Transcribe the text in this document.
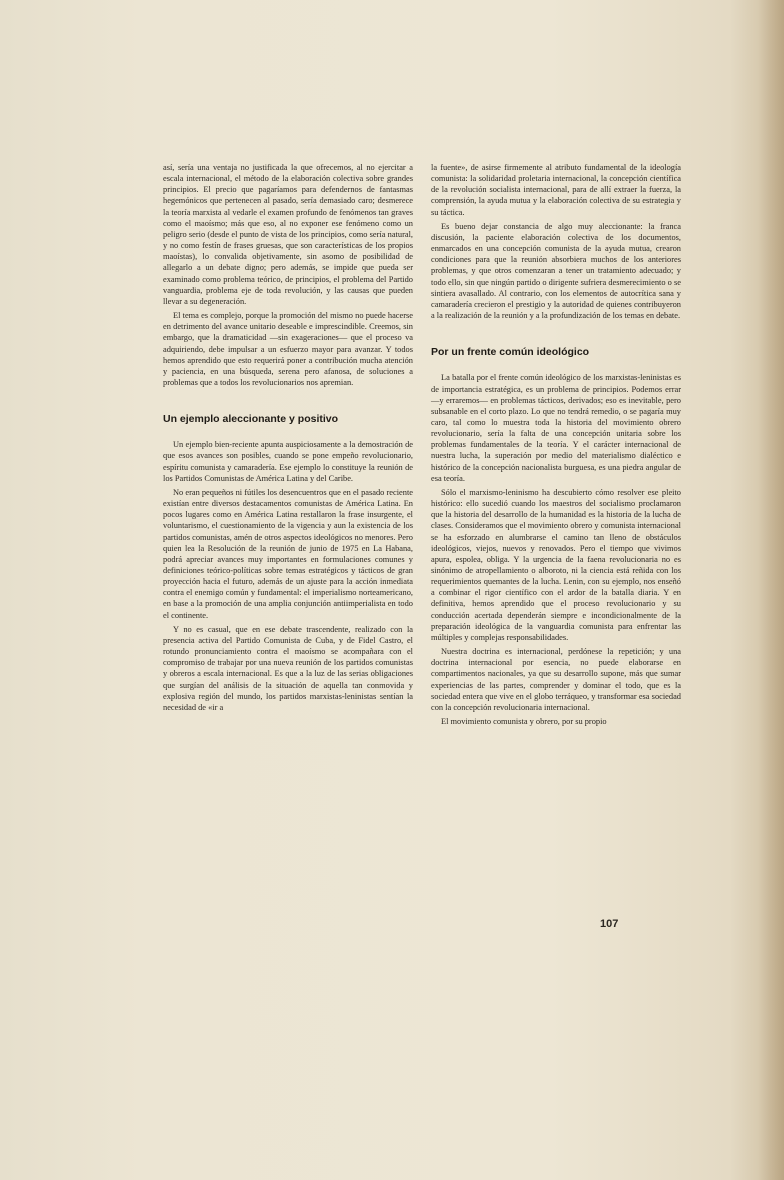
así, sería una ventaja no justificada la que ofrecemos, al no ejercitar a escala internacional, el método de la elaboración colectiva sobre grandes principios. El precio que pagaríamos para defendernos de fantasmas hegemónicos que pertenecen al pasado, sería demasiado caro; desmerece la teoría marxista al vedarle el examen profundo de fenómenos tan graves como el maoísmo; más que eso, al no exponer ese fenómeno como un peligro serio (desde el punto de vista de los principios, como sería natural, y no como festín de frases gruesas, que son características de los propios maoístas), lo convalida objetivamente, sin asomo de posibilidad de allegarlo a un debate digno; pero además, se impide que pueda ser examinado como problema teórico, de principios, el problema del Partido vanguardia, problema eje de toda revolución, y las causas que pueden llevar a su degeneración.

El tema es complejo, porque la promoción del mismo no puede hacerse en detrimento del avance unitario deseable e imprescindible. Creemos, sin embargo, que la dramaticidad —sin exageraciones— que el proceso va adquiriendo, debe impulsar a un esfuerzo mayor para avanzar. Y todos hemos aprendido que esto requerirá poner a contribución mucha atención y paciencia, en una búsqueda, serena pero afanosa, de soluciones a problemas que a todos los revolucionarios nos apremian.

Un ejemplo aleccionante y positivo

Un ejemplo bien-reciente apunta auspiciosamente a la demostración de que esos avances son posibles, cuando se pone empeño revolucionario, espíritu comunista y camaradería. Ese ejemplo lo constituye la reunión de los Partidos Comunistas de América Latina y del Caribe.

No eran pequeños ni fútiles los desencuentros que en el pasado reciente existían entre diversos destacamentos comunistas de América Latina. En pocos lugares como en América Latina restallaron la frase insurgente, el voluntarismo, el cuestionamiento de la vigencia y aun la existencia de los partidos comunistas, amén de otros aspectos ideológicos no menores. Pero quien lea la Resolución de la reunión de junio de 1975 en La Habana, podrá apreciar avances muy importantes en formulaciones comunes y definiciones teórico-políticas sobre temas estratégicos y tácticos de gran proyección hacia el futuro, además de un ajuste para la acción inmediata contra el enemigo común y fundamental: el imperialismo norteamericano, en base a la promoción de una amplia conjunción antiimperialista en todo el continente.

Y no es casual, que en ese debate trascendente, realizado con la presencia activa del Partido Comunista de Cuba, y de Fidel Castro, el rotundo pronunciamiento contra el maoísmo se acompañara con el compromiso de trabajar por una nueva reunión de los partidos comunistas y obreros a escala internacional. Es que a la luz de las serias obligaciones que surgían del análisis de la situación de aquella tan conmovida y explosiva región del mundo, los partidos marxistas-leninistas sentían la necesidad de «ir a

la fuente», de asirse firmemente al atributo fundamental de la ideología comunista: la solidaridad proletaria internacional, la concepción científica de la revolución socialista internacional, para de allí extraer la fuerza, la comprensión, la ayuda mutua y la elaboración colectiva de su estrategia y su táctica.

Es bueno dejar constancia de algo muy aleccionante: la franca discusión, la paciente elaboración colectiva de los documentos, enmarcados en una concepción comunista de la ayuda mutua, crearon condiciones para que la reunión absorbiera muchos de los anteriores problemas, y que otros comenzaran a tener un tratamiento adecuado; y todo ello, sin que ningún partido o dirigente sufriera desmerecimiento o se sintiera avasallado. Al contrario, con los elementos de autocrítica sana y camaradería crecieron el prestigio y la autoridad de quienes contribuyeron a la realización de la reunión y a la profundización de los temas en debate.

Por un frente común ideológico

La batalla por el frente común ideológico de los marxistas-leninistas es de importancia estratégica, es un problema de principios. Podemos errar —y erraremos— en problemas tácticos, derivados; eso es inevitable, pero subsanable en el corto plazo. Lo que no tendrá remedio, o se pagaría muy caro, tal como lo muestra toda la historia del movimiento obrero revolucionario, sería la falta de una concepción unitaria sobre los problemas fundamentales de la teoría. Y el carácter internacional de nuestra lucha, la superación por medio del materialismo dialéctico e histórico de la concepción nacionalista burguesa, es una piedra angular de esa teoría.

Sólo el marxismo-leninismo ha descubierto cómo resolver ese pleito histórico: ello sucedió cuando los maestros del socialismo proclamaron que la historia del desarrollo de la humanidad es la historia de la lucha de clases. Consideramos que el movimiento obrero y comunista internacional se ha esforzado en alumbrarse el camino tan lleno de obstáculos ideológicos, viejos, nuevos y renovados. Pero el tiempo que vivimos apura, espolea, obliga. Y la urgencia de la faena revolucionaria no es sinónimo de atropellamiento o alboroto, ni la ciencia está reñida con los requerimientos quemantes de la lucha. Lenin, con su ejemplo, nos enseñó a combinar el rigor científico con el ardor de la batalla diaria. Y en definitiva, hemos aprendido que el proceso revolucionario y su conducción acertada dependerán siempre e incondicionalmente de la preparación ideológica de la vanguardia comunista para enfrentar las múltiples y complejas responsabilidades.

Nuestra doctrina es internacional, perdónese la repetición; y una doctrina internacional por esencia, no puede elaborarse en compartimentos nacionales, ya que su desarrollo supone, más que sumar experiencias de las partes, comprender y dominar el todo, que es la sociedad entera que vive en el globo terráqueo, y transformar esa sociedad con la concepción revolucionaria internacional.

El movimiento comunista y obrero, por su propio

107
